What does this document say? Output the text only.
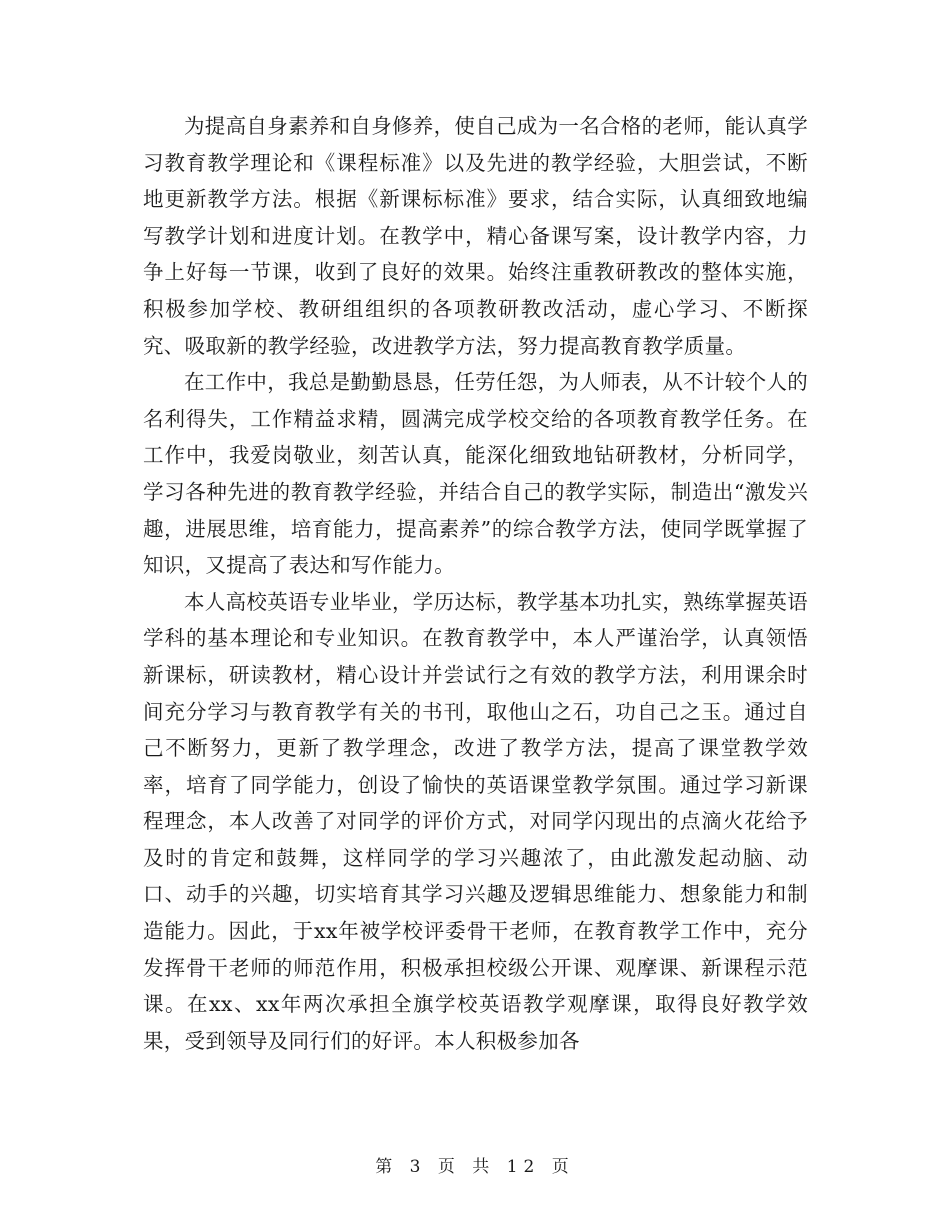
为提高自身素养和自身修养，使自己成为一名合格的老师，能认真学习教育教学理论和《课程标准》以及先进的教学经验，大胆尝试，不断地更新教学方法。根据《新课标标准》要求，结合实际，认真细致地编写教学计划和进度计划。在教学中，精心备课写案，设计教学内容，力争上好每一节课，收到了良好的效果。始终注重教研教改的整体实施，积极参加学校、教研组组织的各项教研教改活动，虚心学习、不断探究、吸取新的教学经验，改进教学方法，努力提高教育教学质量。

在工作中，我总是勤勤恳恳，任劳任怨，为人师表，从不计较个人的名利得失，工作精益求精，圆满完成学校交给的各项教育教学任务。在工作中，我爱岗敬业，刻苦认真，能深化细致地钻研教材，分析同学，学习各种先进的教育教学经验，并结合自己的教学实际，制造出“激发兴趣，进展思维，培育能力，提高素养”的综合教学方法，使同学既掌握了知识，又提高了表达和写作能力。

本人高校英语专业毕业，学历达标，教学基本功扎实，熟练掌握英语学科的基本理论和专业知识。在教育教学中，本人严谨治学，认真领悟新课标，研读教材，精心设计并尝试行之有效的教学方法，利用课余时间充分学习与教育教学有关的书刊，取他山之石，功自己之玉。通过自己不断努力，更新了教学理念，改进了教学方法，提高了课堂教学效率，培育了同学能力，创设了愉快的英语课堂教学氛围。通过学习新课程理念，本人改善了对同学的评价方式，对同学闪现出的点滴火花给予及时的肯定和鼓舞，这样同学的学习兴趣浓了，由此激发起动脑、动口、动手的兴趣，切实培育其学习兴趣及逻辑思维能力、想象能力和制造能力。因此，于xx年被学校评委骨干老师，在教育教学工作中，充分发挥骨干老师的师范作用，积极承担校级公开课、观摩课、新课程示范课。在xx、xx年两次承担全旗学校英语教学观摩课，取得良好教学效果，受到领导及同行们的好评。本人积极参加各

第 3 页 共 12 页
